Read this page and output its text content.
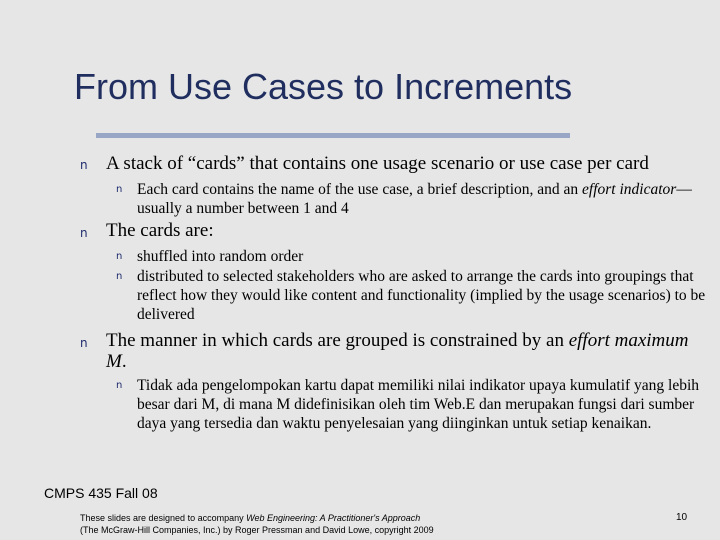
From Use Cases to Increments
n A stack of “cards” that contains one usage scenario or use case per card
n Each card contains the name of the use case, a brief description, and an effort indicator—usually a number between 1 and 4
n The cards are:
n shuffled into random order
n distributed to selected stakeholders who are asked to arrange the cards into groupings that reflect how they would like content and functionality (implied by the usage scenarios) to be delivered
n The manner in which cards are grouped is constrained by an effort maximum M.
n Tidak ada pengelompokan kartu dapat memiliki nilai indikator upaya kumulatif yang lebih besar dari M, di mana M didefinisikan oleh tim Web.E dan merupakan fungsi dari sumber daya yang tersedia dan waktu penyelesaian yang diinginkan untuk setiap kenaikan.
CMPS 435 Fall 08
These slides are designed to accompany Web Engineering: A Practitioner's Approach
(The McGraw-Hill Companies, Inc.) by Roger Pressman and David Lowe, copyright 2009
10
